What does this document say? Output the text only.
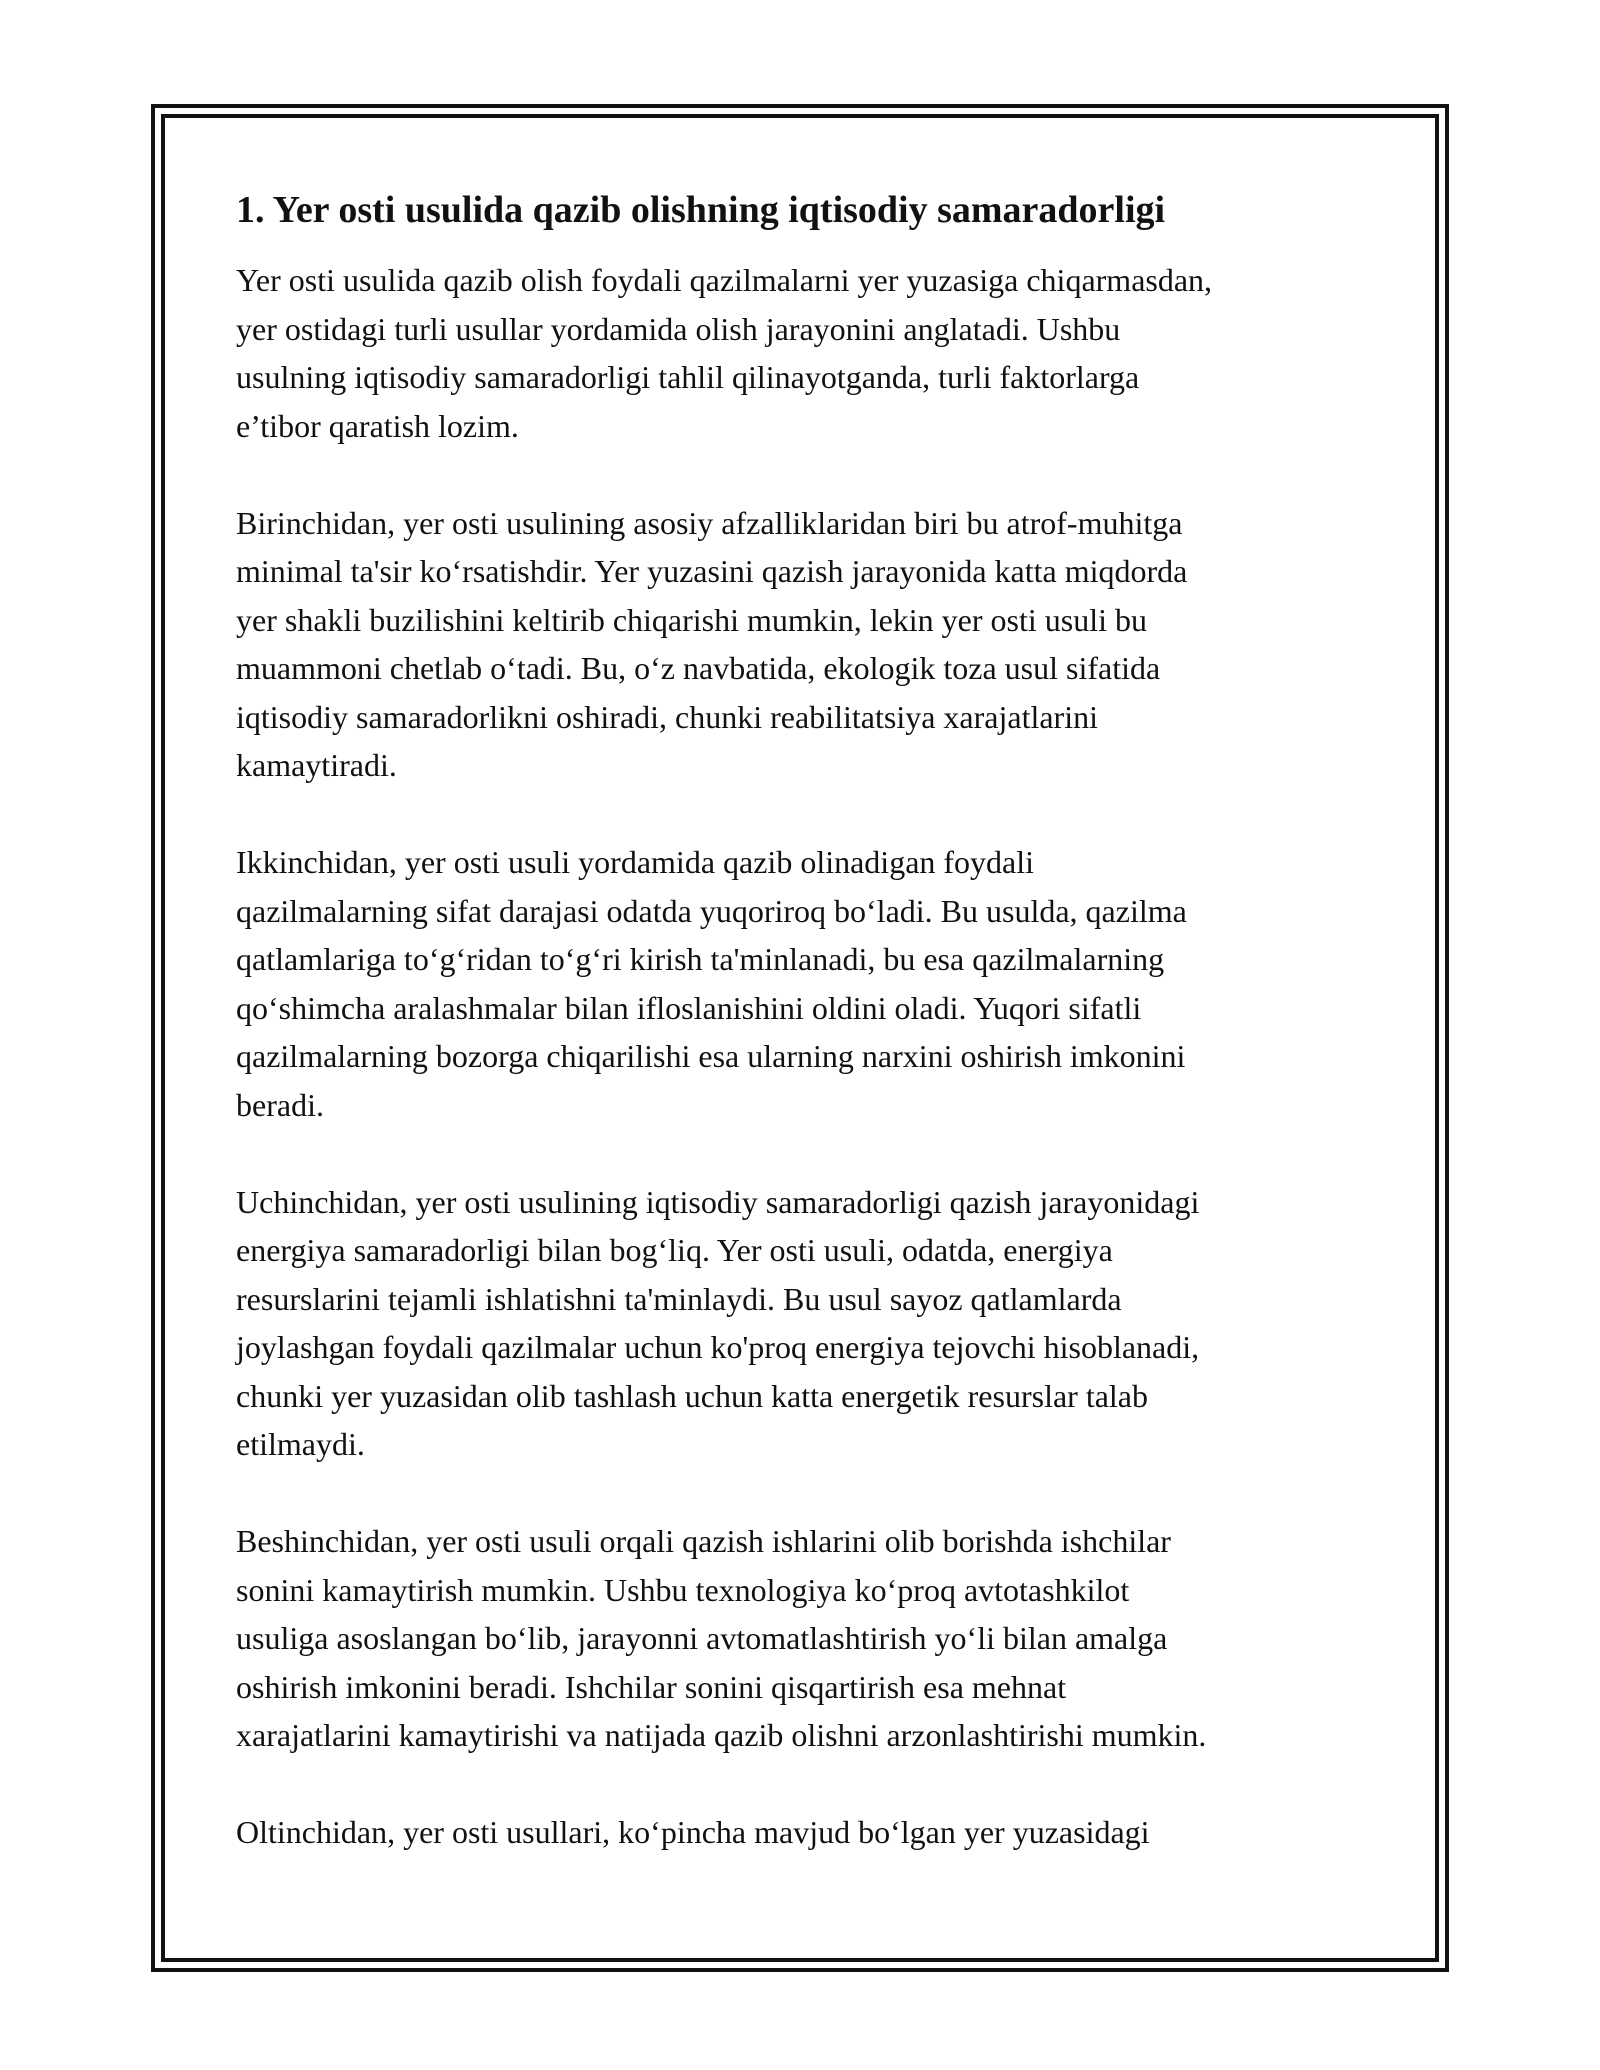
1. Yer osti usulida qazib olishning iqtisodiy samaradorligi

Yer osti usulida qazib olish foydali qazilmalarni yer yuzasiga chiqarmasdan,
yer ostidagi turli usullar yordamida olish jarayonini anglatadi. Ushbu
usulning iqtisodiy samaradorligi tahlil qilinayotganda, turli faktorlarga
e’tibor qaratish lozim.

Birinchidan, yer osti usulining asosiy afzalliklaridan biri bu atrof-muhitga
minimal ta'sir ko‘rsatishdir. Yer yuzasini qazish jarayonida katta miqdorda
yer shakli buzilishini keltirib chiqarishi mumkin, lekin yer osti usuli bu
muammoni chetlab o‘tadi. Bu, o‘z navbatida, ekologik toza usul sifatida
iqtisodiy samaradorlikni oshiradi, chunki reabilitatsiya xarajatlarini
kamaytiradi.

Ikkinchidan, yer osti usuli yordamida qazib olinadigan foydali
qazilmalarning sifat darajasi odatda yuqoriroq bo‘ladi. Bu usulda, qazilma
qatlamlariga to‘g‘ridan to‘g‘ri kirish ta'minlanadi, bu esa qazilmalarning
qo‘shimcha aralashmalar bilan ifloslanishini oldini oladi. Yuqori sifatli
qazilmalarning bozorga chiqarilishi esa ularning narxini oshirish imkonini
beradi.

Uchinchidan, yer osti usulining iqtisodiy samaradorligi qazish jarayonidagi
energiya samaradorligi bilan bog‘liq. Yer osti usuli, odatda, energiya
resurslarini tejamli ishlatishni ta'minlaydi. Bu usul sayoz qatlamlarda
joylashgan foydali qazilmalar uchun ko'proq energiya tejovchi hisoblanadi,
chunki yer yuzasidan olib tashlash uchun katta energetik resurslar talab
etilmaydi.

Beshinchidan, yer osti usuli orqali qazish ishlarini olib borishda ishchilar
sonini kamaytirish mumkin. Ushbu texnologiya ko‘proq avtotashkilot
usuliga asoslangan bo‘lib, jarayonni avtomatlashtirish yo‘li bilan amalga
oshirish imkonini beradi. Ishchilar sonini qisqartirish esa mehnat
xarajatlarini kamaytirishi va natijada qazib olishni arzonlashtirishi mumkin.

Oltinchidan, yer osti usullari, ko‘pincha mavjud bo‘lgan yer yuzasidagi
